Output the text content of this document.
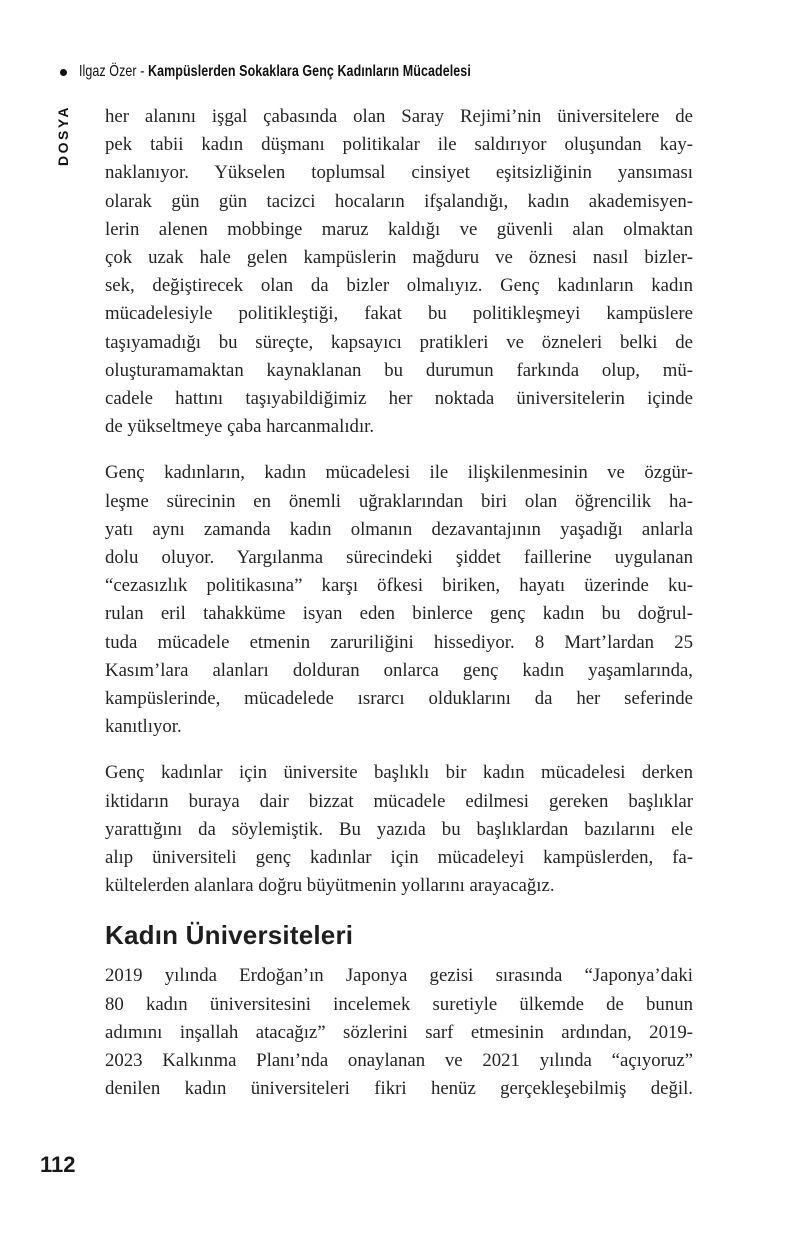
Ilgaz Özer - Kampüslerden Sokaklara Genç Kadınların Mücadelesi
DOSYA her alanını işgal çabasında olan Saray Rejimi’nin üniversitelere de
pek tabii kadın düşmanı politikalar ile saldırıyor oluşundan kay-
naklanıyor. Yükselen toplumsal cinsiyet eşitsizliğinin yansıması
olarak gün gün tacizci hocaların ifşalandığı, kadın akademisyen-
lerin alenen mobbinge maruz kaldığı ve güvenli alan olmaktan
çok uzak hale gelen kampüslerin mağduru ve öznesi nasıl bizler-
sek, değiştirecek olan da bizler olmalıyız. Genç kadınların kadın
mücadelesiyle politikleştiği, fakat bu politikleşmeyi kampüslere
taşıyamadığı bu süreçte, kapsayıcı pratikleri ve özneleri belki de
oluşturamamaktan kaynaklanan bu durumun farkında olup, mü-
cadele hattını taşıyabildiğimiz her noktada üniversitelerin içinde
de yükseltmeye çaba harcanmalıdır.
Genç kadınların, kadın mücadelesi ile ilişkilenmesinin ve özgür-
leşme sürecinin en önemli uğraklarından biri olan öğrencilik ha-
yatı aynı zamanda kadın olmanın dezavantajının yaşadığı anlarla
dolu oluyor. Yargılanma sürecindeki şiddet faillerine uygulanan
“cezasızlık politikasına” karşı öfkesi biriken, hayatı üzerinde ku-
rulan eril tahakküme isyan eden binlerce genç kadın bu doğrul-
tuda mücadele etmenin zaruriliğini hissediyor. 8 Mart’lardan 25
Kasım’lara alanları dolduran onlarca genç kadın yaşamlarında,
kampüslerinde, mücadelede ısrarcı olduklarını da her seferinde
kanıtlıyor.
Genç kadınlar için üniversite başlıklı bir kadın mücadelesi derken
iktidarın buraya dair bizzat mücadele edilmesi gereken başlıklar
yarattığını da söylemiştik. Bu yazıda bu başlıklardan bazılarını ele
alıp üniversiteli genç kadınlar için mücadeleyi kampüslerden, fa-
kültelerden alanlara doğru büyütmenin yollarını arayacağız.
Kadın Üniversiteleri
2019 yılında Erdoğan’ın Japonya gezisi sırasında “Japonya’daki
80 kadın üniversitesini incelemek suretiyle ülkemde de bunun
adımını inşallah atacağız” sözlerini sarf etmesinin ardından, 2019-
2023 Kalkınma Planı’nda onaylanan ve 2021 yılında “açıyoruz”
denilen kadın üniversiteleri fikri henüz gerçekleşebilmiş değil.
112
